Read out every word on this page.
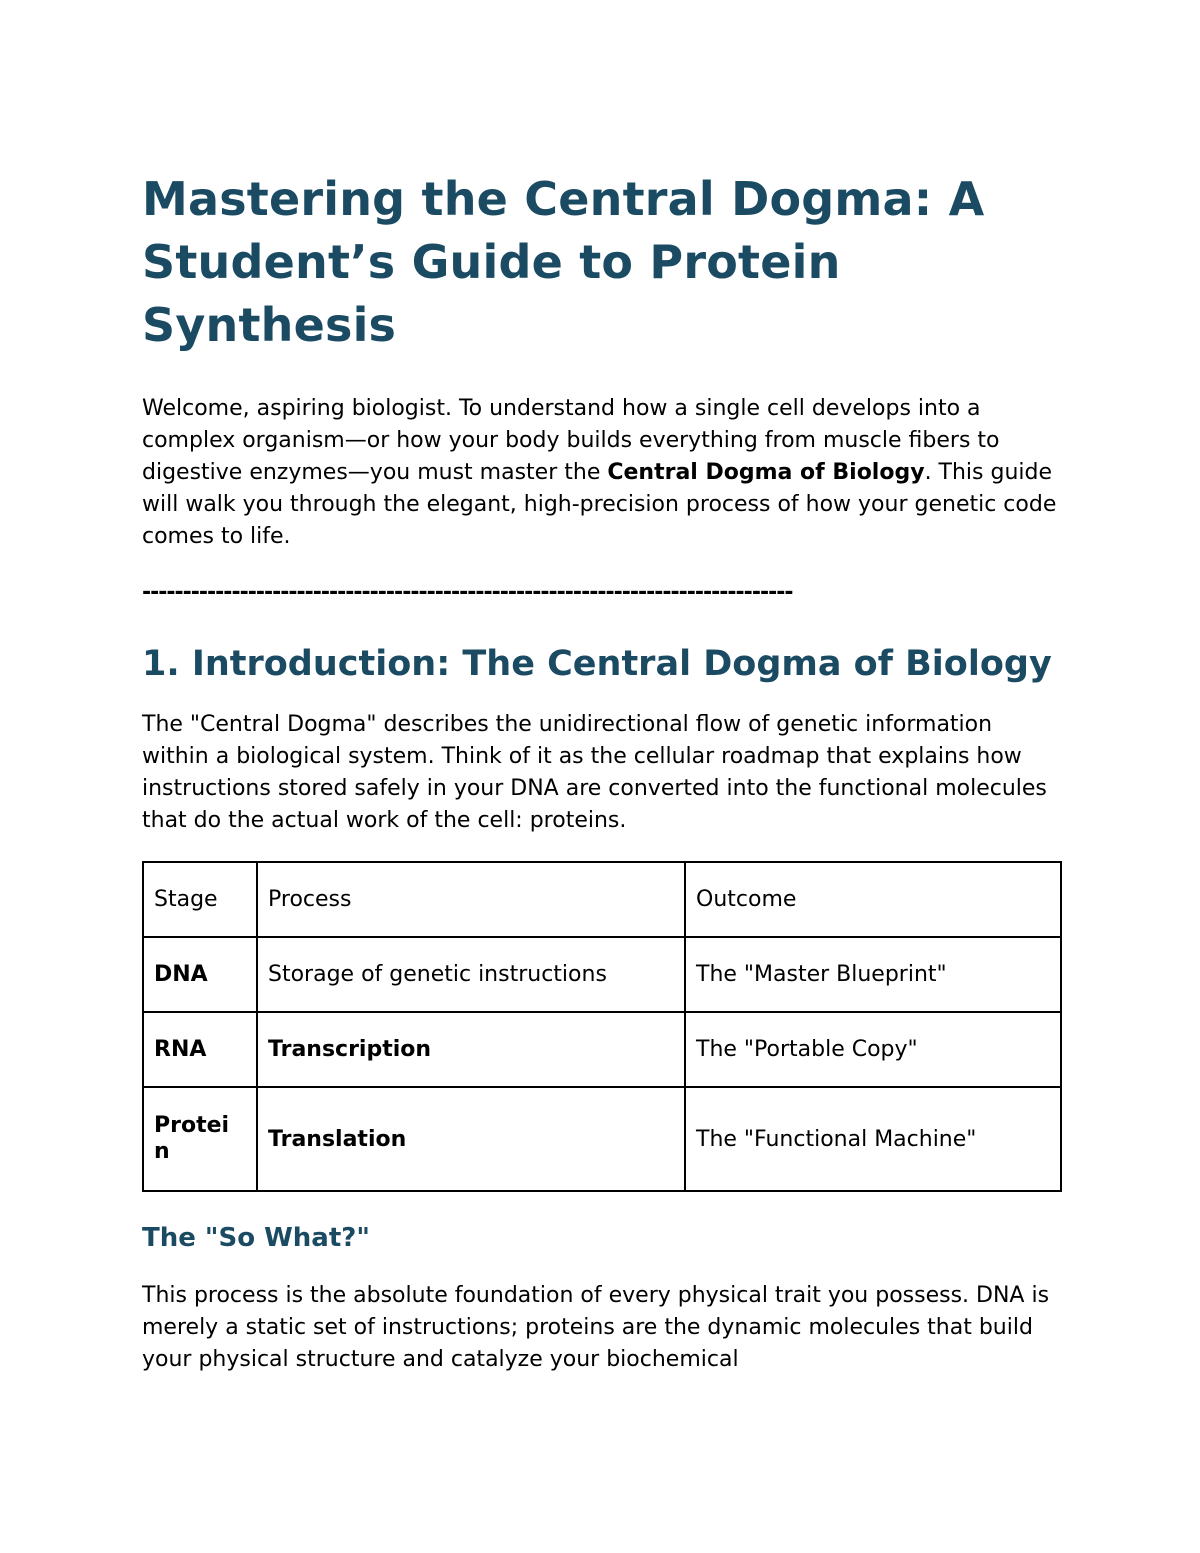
Mastering the Central Dogma: A Student’s Guide to Protein Synthesis

Welcome, aspiring biologist. To understand how a single cell develops into a complex organism—or how your body builds everything from muscle fibers to digestive enzymes—you must master the Central Dogma of Biology. This guide will walk you through the elegant, high-precision process of how your genetic code comes to life.

--------------------------------------------------------------------------------
1. Introduction: The Central Dogma of Biology

The "Central Dogma" describes the unidirectional flow of genetic information within a biological system. Think of it as the cellular roadmap that explains how instructions stored safely in your DNA are converted into the functional molecules that do the actual work of the cell: proteins.

Stage	Process	Outcome
DNA	Storage of genetic instructions	The "Master Blueprint"
RNA	Transcription	The "Portable Copy"

Protein	Translation	The "Functional Machine"
The "So What?"

This process is the absolute foundation of every physical trait you possess. DNA is merely a static set of instructions; proteins are the dynamic molecules that build your physical structure and catalyze your biochemical
